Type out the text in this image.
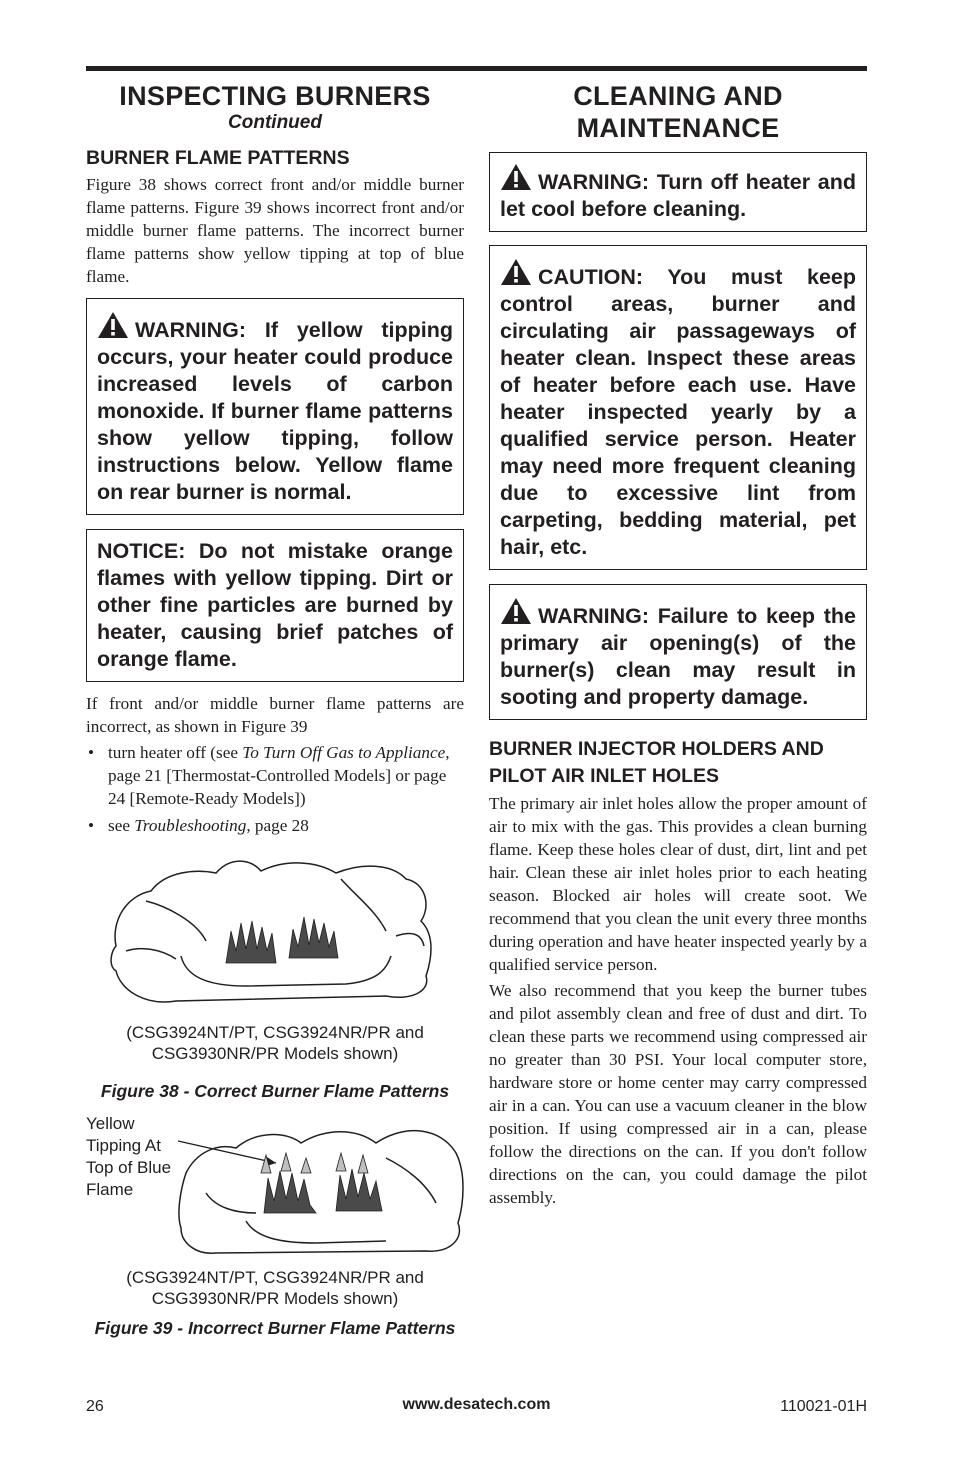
INSPECTING BURNERS
Continued
BURNER FLAME PATTERNS

Figure 38 shows correct front and/or middle burner flame patterns. Figure 39 shows incorrect front and/or middle burner flame patterns. The incorrect burner flame patterns show yellow tipping at top of blue flame.

WARNING: If yellow tipping occurs, your heater could produce increased levels of carbon monoxide. If burner flame patterns show yellow tipping, follow instructions below. Yellow flame on rear burner is normal.
NOTICE: Do not mistake orange flames with yellow tipping. Dirt or other fine particles are burned by heater, causing brief patches of orange flame.

If front and/or middle burner flame patterns are incorrect, as shown in Figure 39

• turn heater off (see To Turn Off Gas to Appliance, page 21 [Thermostat-Controlled Models] or page 24 [Remote-Ready Models])
• see Troubleshooting, page 28

(CSG3924NT/PT, CSG3924NR/PR and CSG3930NR/PR Models shown)

Figure 38 - Correct Burner Flame Patterns

Yellow Tipping At Top of Blue Flame

(CSG3924NT/PT, CSG3924NR/PR and CSG3930NR/PR Models shown)

Figure 39 - Incorrect Burner Flame Patterns

CLEANING AND MAINTENANCE
WARNING: Turn off heater and let cool before cleaning.
CAUTION: You must keep control areas, burner and circulating air passageways of heater clean. Inspect these areas of heater before each use. Have heater inspected yearly by a qualified service person. Heater may need more frequent cleaning due to excessive lint from carpeting, bedding material, pet hair, etc.
WARNING: Failure to keep the primary air opening(s) of the burner(s) clean may result in sooting and property damage.
BURNER INJECTOR HOLDERS AND PILOT AIR INLET HOLES

The primary air inlet holes allow the proper amount of air to mix with the gas. This provides a clean burning flame. Keep these holes clear of dust, dirt, lint and pet hair. Clean these air inlet holes prior to each heating season. Blocked air holes will create soot. We recommend that you clean the unit every three months during operation and have heater inspected yearly by a qualified service person.

We also recommend that you keep the burner tubes and pilot assembly clean and free of dust and dirt. To clean these parts we recommend using compressed air no greater than 30 PSI. Your local computer store, hardware store or home center may carry compressed air in a can. You can use a vacuum cleaner in the blow position. If using compressed air in a can, please follow the directions on the can. If you don't follow directions on the can, you could damage the pilot assembly.

26	www.desatech.com	110021-01H
